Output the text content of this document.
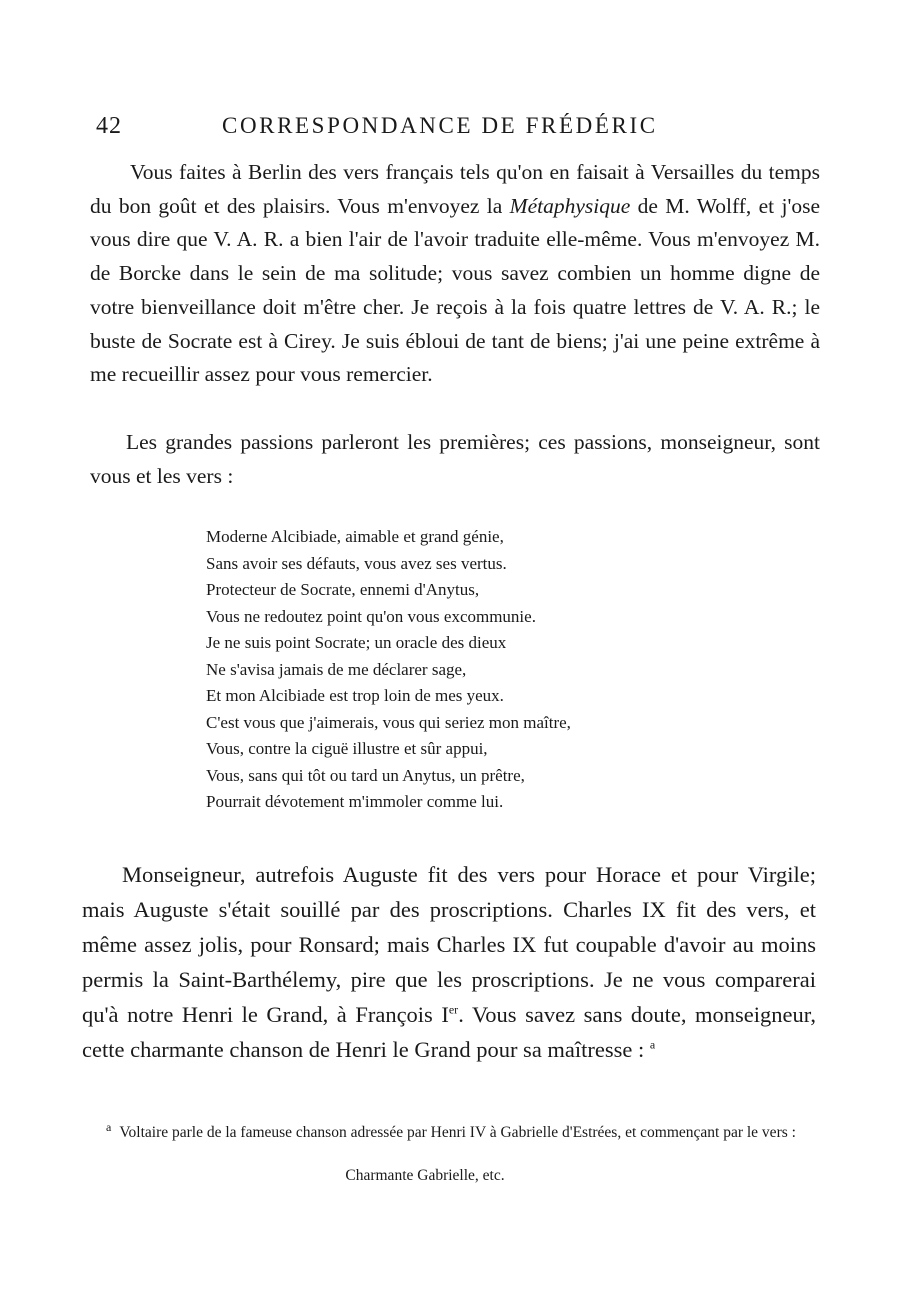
42	CORRESPONDANCE DE FRÉDÉRIC

Vous faites à Berlin des vers français tels qu'on en faisait à Versailles du temps du bon goût et des plaisirs. Vous m'envoyez la Métaphysique de M. Wolff, et j'ose vous dire que V. A. R. a bien l'air de l'avoir traduite elle-même. Vous m'envoyez M. de Borcke dans le sein de ma solitude; vous savez combien un homme digne de votre bienveillance doit m'être cher. Je reçois à la fois quatre lettres de V. A. R.; le buste de Socrate est à Cirey. Je suis ébloui de tant de biens; j'ai une peine extrême à me recueillir assez pour vous remercier.

Les grandes passions parleront les premières; ces passions, monseigneur, sont vous et les vers :

Moderne Alcibiade, aimable et grand génie,
Sans avoir ses défauts, vous avez ses vertus.
Protecteur de Socrate, ennemi d'Anytus,
Vous ne redoutez point qu'on vous excommunie.
Je ne suis point Socrate; un oracle des dieux
Ne s'avisa jamais de me déclarer sage,
Et mon Alcibiade est trop loin de mes yeux.
C'est vous que j'aimerais, vous qui seriez mon maître,
Vous, contre la ciguë illustre et sûr appui,
Vous, sans qui tôt ou tard un Anytus, un prêtre,
Pourrait dévotement m'immoler comme lui.

Monseigneur, autrefois Auguste fit des vers pour Horace et pour Virgile; mais Auguste s'était souillé par des proscriptions. Charles IX fit des vers, et même assez jolis, pour Ronsard; mais Charles IX fut coupable d'avoir au moins permis la Saint-Barthélemy, pire que les proscriptions. Je ne vous comparerai qu'à notre Henri le Grand, à François Ier. Vous savez sans doute, monseigneur, cette charmante chanson de Henri le Grand pour sa maîtresse : $^a$

$^a$ Voltaire parle de la fameuse chanson adressée par Henri IV à Gabrielle d'Estrées, et commençant par le vers :

Charmante Gabrielle, etc.
